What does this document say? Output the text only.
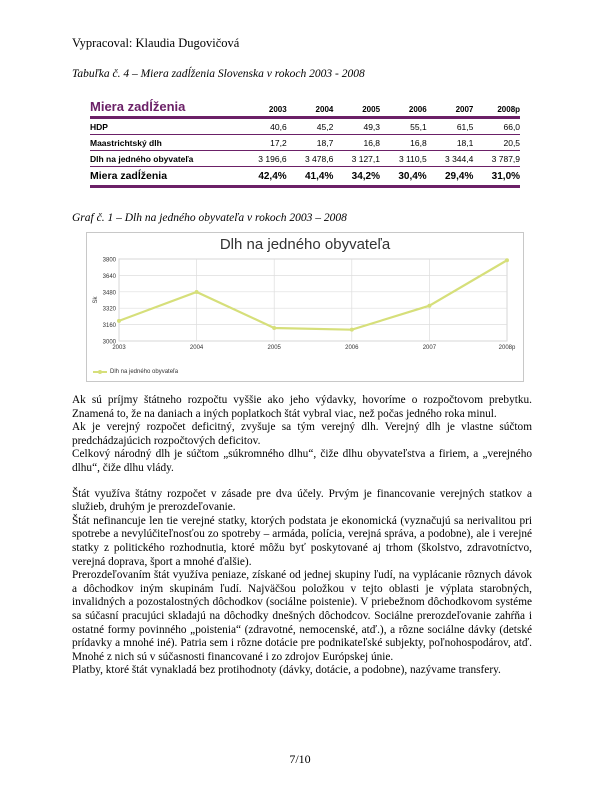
Vypracoval: Klaudia Dugovičová
Tabuľka č. 4 – Miera zadĺženia Slovenska v rokoch 2003 - 2008
Miera zadĺženia	2003	2004	2005	2006	2007	2008p
HDP	40,6	45,2	49,3	55,1	61,5	66,0
Maastrichtský dlh	17,2	18,7	16,8	16,8	18,1	20,5
Dlh na jedného obyvateľa	3 196,6	3 478,6	3 127,1	3 110,5	3 344,4	3 787,9
Miera zadĺženia	42,4%	41,4%	34,2%	30,4%	29,4%	31,0%
Graf č. 1 – Dlh na jedného obyvateľa v rokoch 2003 – 2008
Dlh na jedného obyvateľa
3000
3160
3320
3480
3640
3800
2003	2004	2005	2006	2007	2008p
Sk
Dlh na jedného obyvateľa

Ak sú príjmy štátneho rozpočtu vyššie ako jeho výdavky, hovoríme o rozpočtovom prebytku. Znamená to, že na daniach a iných poplatkoch štát vybral viac, než počas jedného roka minul.

Ak je verejný rozpočet deficitný, zvyšuje sa tým verejný dlh. Verejný dlh je vlastne súčtom predchádzajúcich rozpočtových deficitov.

Celkový národný dlh je súčtom „súkromného dlhu“, čiže dlhu obyvateľstva a firiem, a „verejného dlhu“, čiže dlhu vlády.

Štát využíva štátny rozpočet v zásade pre dva účely. Prvým je financovanie verejných statkov a služieb, druhým je prerozdeľovanie.

Štát nefinancuje len tie verejné statky, ktorých podstata je ekonomická (vyznačujú sa nerivalitou pri spotrebe a nevylúčiteľnosťou zo spotreby – armáda, polícia, verejná správa, a podobne), ale i verejné statky z politického rozhodnutia, ktoré môžu byť poskytované aj trhom (školstvo, zdravotníctvo, verejná doprava, šport a mnohé ďalšie).

Prerozdeľovaním štát využíva peniaze, získané od jednej skupiny ľudí, na vyplácanie rôznych dávok a dôchodkov iným skupinám ľudí. Najväčšou položkou v tejto oblasti je výplata starobných, invalidných a pozostalostných dôchodkov (sociálne poistenie). V priebežnom dôchodkovom systéme sa súčasní pracujúci skladajú na dôchodky dnešných dôchodcov. Sociálne prerozdeľovanie zahŕňa i ostatné formy povinného „poistenia“ (zdravotné, nemocenské, atď.), a rôzne sociálne dávky (detské prídavky a mnohé iné). Patria sem i rôzne dotácie pre podnikateľské subjekty, poľnohospodárov, atď. Mnohé z nich sú v súčasnosti financované i zo zdrojov Európskej únie.

Platby, ktoré štát vynakladá bez protihodnoty (dávky, dotácie, a podobne), nazývame transfery.

7/10
